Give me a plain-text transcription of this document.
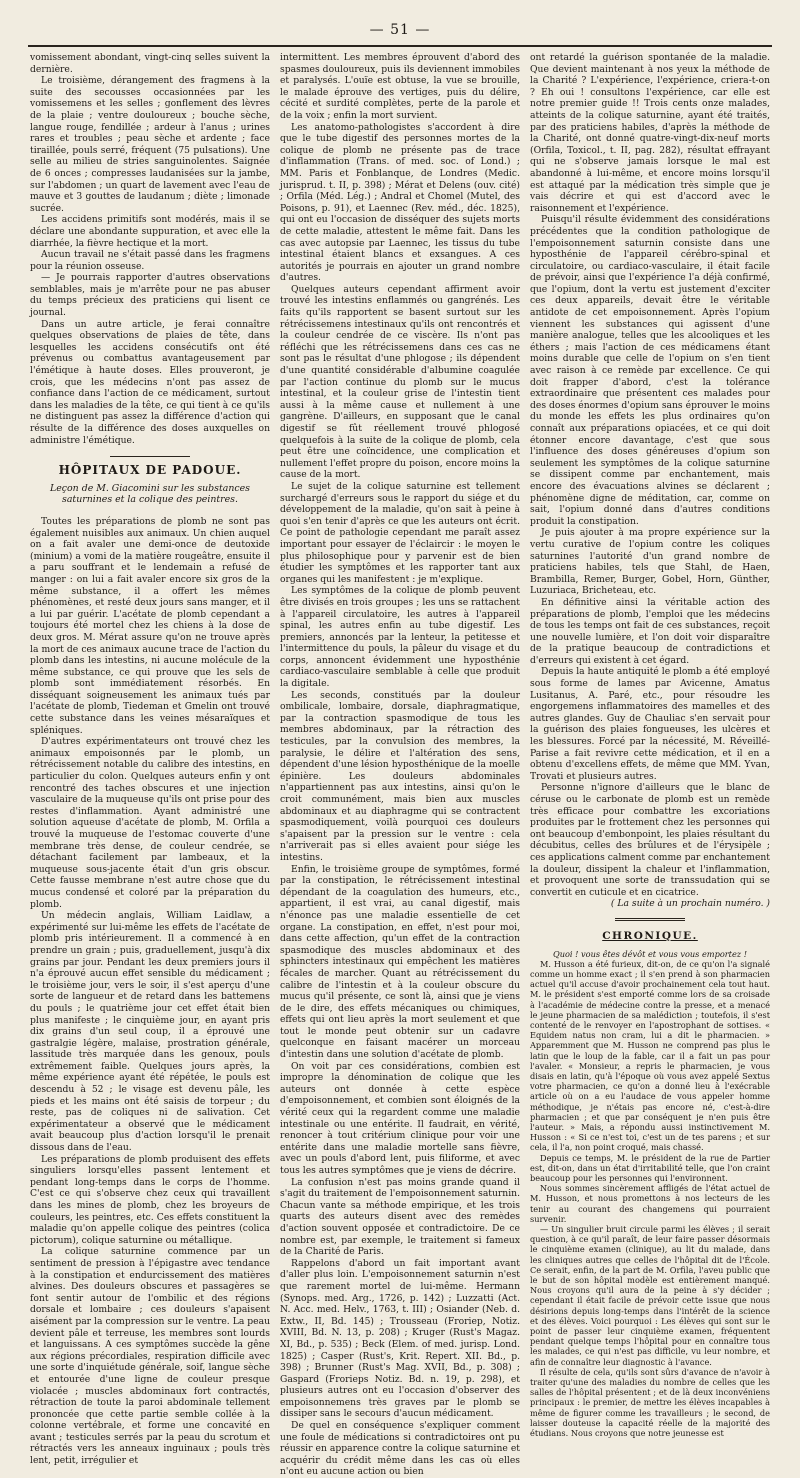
— 51 —

vomissement abondant, vingt-cinq selles suivent la dernière.

Le troisième, dérangement des fragmens à la suite des secousses occasionnées par les vomissemens et les selles ; gonflement des lèvres de la plaie ; ventre douloureux ; bouche sèche, langue rouge, fendillée ; ardeur à l'anus ; urines rares et troubles ; peau sèche et ardente ; face tiraillée, pouls serré, fréquent (75 pulsations). Une selle au milieu de stries sanguinolentes. Saignée de 6 onces ; compresses laudanisées sur la jambe, sur l'abdomen ; un quart de lavement avec l'eau de mauve et 3 gouttes de laudanum ; diète ; limonade sucrée.

Les accidens primitifs sont modérés, mais il se déclare une abondante suppuration, et avec elle la diarrhée, la fièvre hectique et la mort.

Aucun travail ne s'était passé dans les fragmens pour la réunion osseuse.

— Je pourrais rapporter d'autres observations semblables, mais je m'arrête pour ne pas abuser du temps précieux des praticiens qui lisent ce journal.

Dans un autre article, je ferai connaître quelques observations de plaies de tête, dans lesquelles les accidens consécutifs ont été prévenus ou combattus avantageusement par l'émétique à haute doses. Elles prouveront, je crois, que les médecins n'ont pas assez de confiance dans l'action de ce médicament, surtout dans les maladies de la tête, ce qui tient à ce qu'ils ne distinguent pas assez la différence d'action qui résulte de la différence des doses auxquelles on administre l'émétique.

HÔPITAUX DE PADOUE.
Leçon de M. Giacomini sur les substances saturnines et la colique des peintres.

Toutes les préparations de plomb ne sont pas également nuisibles aux animaux. Un chien auquel on a fait avaler une demi-once de deutoxide (minium) a vomi de la matière rougeâtre, ensuite il a paru souffrant et le lendemain a refusé de manger : on lui a fait avaler encore six gros de la même substance, il a offert les mêmes phénomènes, et resté deux jours sans manger, et il a lui par guérir. L'acétate de plomb cependant a toujours été mortel chez les chiens à la dose de deux gros. M. Mérat assure qu'on ne trouve après la mort de ces animaux aucune trace de l'action du plomb dans les intestins, ni aucune molécule de la même substance, ce qui prouve que les sels de plomb sont immédiatement résorbés. En disséquant soigneusement les animaux tués par l'acétate de plomb, Tiedeman et Gmelin ont trouvé cette substance dans les veines mésaraïques et spléniques.

D'autres expérimentateurs ont trouvé chez les animaux empoisonnés par le plomb, un rétrécissement notable du calibre des intestins, en particulier du colon. Quelques auteurs enfin y ont rencontré des taches obscures et une injection vasculaire de la muqueuse qu'ils ont prise pour des restes d'inflammation. Ayant administré une solution aqueuse d'acétate de plomb, M. Orfila a trouvé la muqueuse de l'estomac couverte d'une membrane très dense, de couleur cendrée, se détachant facilement par lambeaux, et la muqueuse sous-jacente était d'un gris obscur. Cette fausse membrane n'est autre chose que du mucus condensé et coloré par la préparation du plomb.

Un médecin anglais, William Laidlaw, a expérimenté sur lui-même les effets de l'acétate de plomb pris intérieurement. Il a commencé à en prendre un grain ; puis, graduellement, jusqu'à dix grains par jour. Pendant les deux premiers jours il n'a éprouvé aucun effet sensible du médicament ; le troisième jour, vers le soir, il s'est aperçu d'une sorte de langueur et de retard dans les battemens du pouls ; le quatrième jour cet effet était bien plus manifeste ; le cinquième jour, en ayant pris dix grains d'un seul coup, il a éprouvé une gastralgie légère, malaise, prostration générale, lassitude très marquée dans les genoux, pouls extrêmement faible. Quelques jours après, la même expérience ayant été répétée, le pouls est descendu à 52 ; le visage est devenu pâle, les pieds et les mains ont été saisis de torpeur ; du reste, pas de coliques ni de salivation. Cet expérimentateur a observé que le médicament avait beaucoup plus d'action lorsqu'il le prenait dissous dans de l'eau.

Les préparations de plomb produisent des effets singuliers lorsqu'elles passent lentement et pendant long-temps dans le corps de l'homme. C'est ce qui s'observe chez ceux qui travaillent dans les mines de plomb, chez les broyeurs de couleurs, les peintres, etc. Ces effets constituent la maladie qu'on appelle colique des peintres (colica pictorum), colique saturnine ou métallique.

La colique saturnine commence par un sentiment de pression à l'épigastre avec tendance à la constipation et endurcissement des matières alvines. Des douleurs obscures et passagères se font sentir autour de l'ombilic et des régions dorsale et lombaire ; ces douleurs s'apaisent aisément par la compression sur le ventre. La peau devient pâle et terreuse, les membres sont lourds et languissans. A ces symptômes succède la gêne aux régions précordiales, respiration difficile avec une sorte d'inquiétude générale, soif, langue sèche et entourée d'une ligne de couleur presque violacée ; muscles abdominaux fort contractés, rétraction de toute la paroi abdominale tellement prononcée que cette partie semble collée à la colonne vertébrale, et forme une concavité en avant ; testicules serrés par la peau du scrotum et rétractés vers les anneaux inguinaux ; pouls très lent, petit, irrégulier et

intermittent. Les membres éprouvent d'abord des spasmes douloureux, puis ils deviennent immobiles et paralysés. L'ouïe est obtuse, la vue se brouille, le malade éprouve des vertiges, puis du délire, cécité et surdité complètes, perte de la parole et de la voix ; enfin la mort survient.

Les anatomo-pathologistes s'accordent à dire que le tube digestif des personnes mortes de la colique de plomb ne présente pas de trace d'inflammation (Trans. of med. soc. of Lond.) ; MM. Paris et Fonblanque, de Londres (Medic. jurisprud. t. II, p. 398) ; Mérat et Delens (ouv. cité) ; Orfila (Méd. Lég.) ; Andral et Chomel (Mutel, des Poisons, p. 91), et Laennec (Rev. méd., déc. 1825), qui ont eu l'occasion de disséquer des sujets morts de cette maladie, attestent le même fait. Dans les cas avec autopsie par Laennec, les tissus du tube intestinal étaient blancs et exsangues. A ces autorités je pourrais en ajouter un grand nombre d'autres.

Quelques auteurs cependant affirment avoir trouvé les intestins enflammés ou gangrénés. Les faits qu'ils rapportent se basent surtout sur les rétrécissemens intestinaux qu'ils ont rencontrés et la couleur cendrée de ce viscère. Ils n'ont pas réfléchi que les rétrécissemens dans ces cas ne sont pas le résultat d'une phlogose ; ils dépendent d'une quantité considérable d'albumine coagulée par l'action continue du plomb sur le mucus intestinal, et la couleur grise de l'intestin tient aussi à la même cause et nullement à une gangrène. D'ailleurs, en supposant que le canal digestif se fût réellement trouvé phlogosé quelquefois à la suite de la colique de plomb, cela peut être une coïncidence, une complication et nullement l'effet propre du poison, encore moins la cause de la mort.

Le sujet de la colique saturnine est tellement surchargé d'erreurs sous le rapport du siége et du développement de la maladie, qu'on sait à peine à quoi s'en tenir d'après ce que les auteurs ont écrit. Ce point de pathologie cependant me paraît assez important pour essayer de l'éclaircir : le moyen le plus philosophique pour y parvenir est de bien étudier les symptômes et les rapporter tant aux organes qui les manifestent : je m'explique.

Les symptômes de la colique de plomb peuvent être divisés en trois groupes ; les uns se rattachent à l'appareil circulatoire, les autres à l'appareil spinal, les autres enfin au tube digestif. Les premiers, annoncés par la lenteur, la petitesse et l'intermittence du pouls, la pâleur du visage et du corps, annoncent évidemment une hyposthénie cardiaco-vasculaire semblable à celle que produit la digitale.

Les seconds, constitués par la douleur ombilicale, lombaire, dorsale, diaphragmatique, par la contraction spasmodique de tous les membres abdominaux, par la rétraction des testicules, par la convulsion des membres, la paralysie, le délire et l'altération des sens, dépendent d'une lésion hyposthénique de la moelle épinière. Les douleurs abdominales n'appartiennent pas aux intestins, ainsi qu'on le croit communément, mais bien aux muscles abdominaux et au diaphragme qui se contractent spasmodiquement, voilà pourquoi ces douleurs s'apaisent par la pression sur le ventre : cela n'arriverait pas si elles avaient pour siége les intestins.

Enfin, le troisième groupe de symptômes, formé par la constipation, le rétrécissement intestinal dépendant de la coagulation des humeurs, etc., appartient, il est vrai, au canal digestif, mais n'énonce pas une maladie essentielle de cet organe. La constipation, en effet, n'est pour moi, dans cette affection, qu'un effet de la contraction spasmodique des muscles abdominaux et des sphincters intestinaux qui empêchent les matières fécales de marcher. Quant au rétrécissement du calibre de l'intestin et à la couleur obscure du mucus qu'il présente, ce sont là, ainsi que je viens de le dire, des effets mécaniques ou chimiques, effets qui ont lieu après la mort seulement et que tout le monde peut obtenir sur un cadavre quelconque en faisant macérer un morceau d'intestin dans une solution d'acétate de plomb.

On voit par ces considérations, combien est impropre la dénomination de colique que les auteurs ont donnée à cette espèce d'empoisonnement, et combien sont éloignés de la vérité ceux qui la regardent comme une maladie intestinale ou une entérite. Il faudrait, en vérité, renoncer à tout critérium clinique pour voir une entérite dans une maladie mortelle sans fièvre, avec un pouls d'abord lent, puis filiforme, et avec tous les autres symptômes que je viens de décrire.

La confusion n'est pas moins grande quand il s'agit du traitement de l'empoisonnement saturnin. Chacun vante sa méthode empirique, et les trois quarts des auteurs disent avec des remèdes d'action souvent opposée et contradictoire. De ce nombre est, par exemple, le traitement si fameux de la Charité de Paris.

Rappelons d'abord un fait important avant d'aller plus loin. L'empoisonnement saturnin n'est que rarement mortel de lui-même. Hermann (Synops. med. Arg., 1726, p. 142) ; Luzzatti (Act. N. Acc. med. Helv., 1763, t. III) ; Osiander (Neb. d. Extw., II, Bd. 145) ; Trousseau (Froriep, Notiz. XVIII, Bd. N. 13, p. 208) ; Kruger (Rust's Magaz. XI, Bd., p. 535) ; Beck (Elem. of med. jurisp. Lond. 1825) ; Casper (Rust's, Krit. Repert. XII. Bd., p. 398) ; Brunner (Rust's Mag. XVII, Bd., p. 308) ; Gaspard (Frorieps Notiz. Bd. n. 19, p. 298), et plusieurs autres ont eu l'occasion d'observer des empoisonnemens très graves par le plomb se dissiper sans le secours d'aucun médicament.

De quel en conséquence s'expliquer comment une foule de médications si contradictoires ont pu réussir en apparence contre la colique saturnine et acquérir du crédit même dans les cas où elles n'ont eu aucune action ou bien

ont retardé la guérison spontanée de la maladie. Que devient maintenant à nos yeux la méthode de la Charité ? L'expérience, l'expérience, criera-t-on ? Eh oui ! consultons l'expérience, car elle est notre premier guide !! Trois cents onze malades, atteints de la colique saturnine, ayant été traités, par des praticiens habiles, d'après la méthode de la Charité, ont donné quatre-vingt-dix-neuf morts (Orfila, Toxicol., t. II, pag. 282), résultat effrayant qui ne s'observe jamais lorsque le mal est abandonné à lui-même, et encore moins lorsqu'il est attaqué par la médication très simple que je vais décrire et qui est d'accord avec le raisonnement et l'expérience.

Puisqu'il résulte évidemment des considérations précédentes que la condition pathologique de l'empoisonnement saturnin consiste dans une hyposthénie de l'appareil cérébro-spinal et circulatoire, ou cardiaco-vasculaire, il était facile de prévoir, ainsi que l'expérience l'a déjà confirmé, que l'opium, dont la vertu est justement d'exciter ces deux appareils, devait être le véritable antidote de cet empoisonnement. Après l'opium viennent les substances qui agissent d'une manière analogue, telles que les alcooliques et les éthers ; mais l'action de ces médicamens étant moins durable que celle de l'opium on s'en tient avec raison à ce remède par excellence. Ce qui doit frapper d'abord, c'est la tolérance extraordinaire que présentent ces malades pour des doses énormes d'opium sans éprouver le moins du monde les effets les plus ordinaires qu'on connaît aux préparations opiacées, et ce qui doit étonner encore davantage, c'est que sous l'influence des doses généreuses d'opium son seulement les symptômes de la colique saturnine se dissipent comme par enchantement, mais encore des évacuations alvines se déclarent ; phénomène digne de méditation, car, comme on sait, l'opium donné dans d'autres conditions produit la constipation.

Je puis ajouter à ma propre expérience sur la vertu curative de l'opium contre les coliques saturnines l'autorité d'un grand nombre de praticiens habiles, tels que Stahl, de Haen, Brambilla, Remer, Burger, Gobel, Horn, Günther, Luzuriaca, Bricheteau, etc.

En définitive ainsi la véritable action des préparations de plomb, l'emploi que les médecins de tous les temps ont fait de ces substances, reçoit une nouvelle lumière, et l'on doit voir disparaître de la pratique beaucoup de contradictions et d'erreurs qui existent à cet égard.

Depuis la haute antiquité le plomb a été employé sous forme de lames par Avicenne, Amatus Lusitanus, A. Paré, etc., pour résoudre les engorgemens inflammatoires des mamelles et des autres glandes. Guy de Chauliac s'en servait pour la guérison des plaies fongueuses, les ulcères et les blessures. Forcé par la nécessité, M. Réveillé-Parise a fait revivre cette médication, et il en a obtenu d'excellens effets, de même que MM. Yvan, Trovati et plusieurs autres.

Personne n'ignore d'ailleurs que le blanc de céruse ou le carbonate de plomb est un remède très efficace pour combattre les excoriations produites par le frottement chez les personnes qui ont beaucoup d'embonpoint, les plaies résultant du décubitus, celles des brûlures et de l'érysipèle ; ces applications calment comme par enchantement la douleur, dissipent la chaleur et l'inflammation, et provoquent une sorte de transsudation qui se convertit en cuticule et en cicatrice.

( La suite à un prochain numéro. )

CHRONIQUE.

Quoi ! vous êtes dévôt et vous vous emportez !

M. Husson a été furieux, dit-on, de ce qu'on l'a signalé comme un homme exact ; il s'en prend à son pharmacien actuel qu'il accuse d'avoir prochainement cela tout haut. M. le président s'est emporté comme lors de sa croisade à l'académie de médecine contre la presse, et a menacé le jeune pharmacien de sa malédiction ; toutefois, il s'est contenté de le renvoyer en l'apostrophant de sottises. « Equidem natus non cram, lui a dit le pharmacien. » Apparemment que M. Husson ne comprend pas plus le latin que le loup de la fable, car il a fait un pas pour l'avaler. « Monsieur, a repris le pharmacien, je vous disais en latin, qu'à l'époque où vous avez appelé Sextus votre pharmacien, ce qu'on a donné lieu à l'exécrable article où on a eu l'audace de vous appeler homme méthodique, je n'étais pas encore né, c'est-à-dire pharmacien ; et que par conséquent je n'en puis être l'auteur. » Mais, a répondu aussi instinctivement M. Husson : « Si ce n'est toi, c'est un de tes parens ; et sur cela, il l'a, non point croqué, mais chassé.

Depuis ce temps, M. le président de la rue de Partier est, dit-on, dans un état d'irritabilité telle, que l'on craint beaucoup pour les personnes qui l'environnent.

Nous sommes sincèrement affligés de l'état actuel de M. Husson, et nous promettons à nos lecteurs de les tenir au courant des changemens qui pourraient survenir.

— Un singulier bruit circule parmi les élèves ; il serait question, à ce qu'il paraît, de leur faire passer désormais le cinquième examen (clinique), au lit du malade, dans les cliniques autres que celles de l'hôpital dit de l'École. Ce serait, enfin, de la part de M. Orfila, l'aveu public que le but de son hôpital modèle est entièrement manqué. Nous croyons qu'il aura de la peine à s'y décider ; cependant il était facile de prévoir cette issue que nous désirions depuis long-temps dans l'intérêt de la science et des élèves. Voici pourquoi : Les élèves qui sont sur le point de passer leur cinquième examen, fréquentent pendant quelque temps l'hôpital pour en connaître tous les malades, ce qui n'est pas difficile, vu leur nombre, et afin de connaître leur diagnostic à l'avance.

Il résulte de cela, qu'ils sont sûrs d'avance de n'avoir à traiter qu'une des maladies du nombre de celles que les salles de l'hôpital présentent ; et de là deux inconvéniens principaux : le premier, de mettre les élèves incapables à même de figurer comme les travailleurs ; le second, de laisser douteuse la capacité réelle de la majorité des étudians. Nous croyons que notre jeunesse est
